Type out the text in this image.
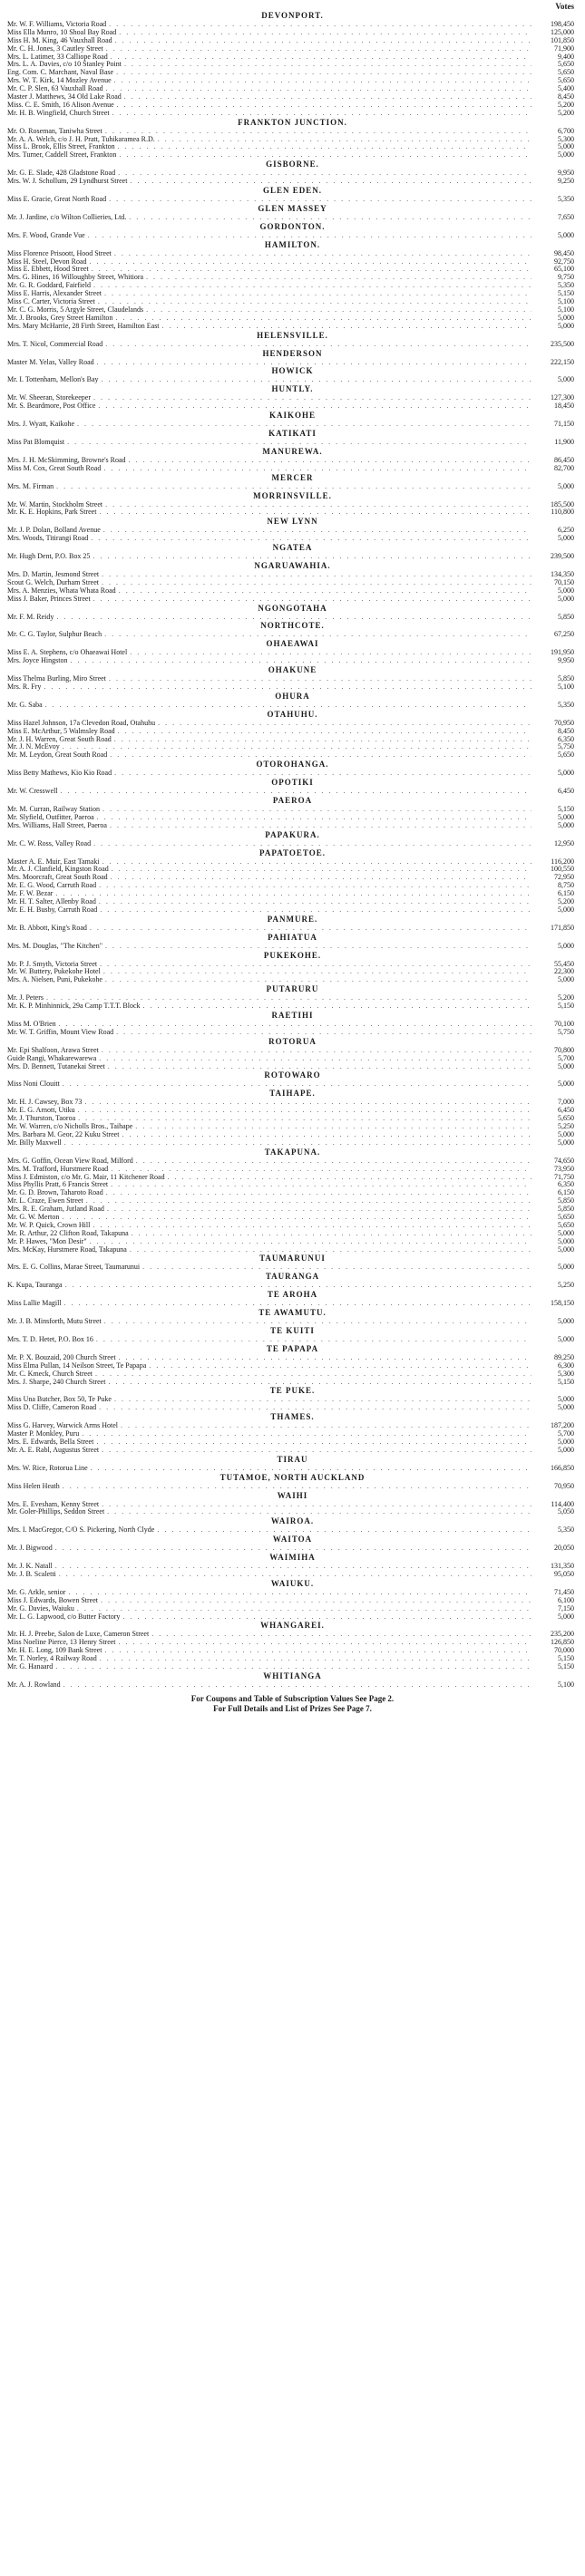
Votes
DEVONPORT.
Mr. W. F. Williams, Victoria Road . . .	198,450
Miss Ella Munro, 10 Shoal Bay Road . . .	125,000
Miss H. M. King, 46 Vauxhall Road . . .	101,850
Mr. C. H. Jones, 3 Cautley Street . . .	71,900
Mrs. L. Latimer, 33 Calliope Road . . .	9,400
Mrs. L. A. Davies, c/o 10 Stanley Point . . .	5,650
Eng. Com. C. Marchant, Naval Base . . .	5,650
Mrs. W. T. Kirk, 14 Mozley Avenue . . .	5,650
Mr. C. P. Slen, 63 Vauxhall Road . . .	5,400
Master J. Matthews, 34 Old Lake Road . . .	8,450
Miss. C. E. Smith, 16 Alison Avenue . . .	5,200
Mr. H. B. Wingfield, Church Street . . .	5,200
FRANKTON JUNCTION.
Mr. O. Roseman, Taniwha Street . . .	6,700
Mr. A. A. Welch, c/o J. H. Pratt, Tuhikaramea R.D. . . .	5,300
Miss L. Brook, Ellis Street, Frankton . . .	5,000
Mrs. Turner, Caddell Street, Frankton . . .	5,000
GISBORNE.
Mr. G. E. Slade, 428 Gladstone Road . . .	9,950
Mrs. W. J. Schollum, 29 Lyndhurst Street . . .	9,250
GLEN EDEN.
Miss E. Gracie, Great North Road . . .	5,350
GLEN MASSEY
Mr. J. Jardine, c/o Wilton Collieries, Ltd. . . .	7,650
GORDONTON.
Mrs. F. Wood, Grande Vue . . .	5,000
HAMILTON.
Miss Florence Prisoott, Hood Street . . .	98,450
Miss H. Steel, Devon Road . . .	92,750
Miss E. Ebbett, Hood Street . . .	65,100
Mrs. G. Hines, 16 Willoughby Street, Whitiora . . .	9,750
Mr. G. R. Goddard, Fairfield . . .	5,350
Miss E. Harris, Alexander Street . . .	5,150
Miss C. Carter, Victoria Street . . .	5,100
Mr. C. G. Morris, 5 Argyle Street, Claudelands . . .	5,100
Mr. J. Brooks, Grey Street Hamilton . . .	5,000
Mrs. Mary McHarrie, 28 Firth Street, Hamilton East . . .	5,000
HELENSVILLE.
Mrs. T. Nicol, Commercial Road . . .	235,500
HENDERSON
Master M. Yelas, Valley Road . . .	222,150
HOWICK
Mr. I. Tottenham, Mellon's Bay . . .	5,000
HUNTLY.
Mr. W. Sheeran, Storekeeper . . .	127,300
Mr. S. Beardmore, Post Office . . .	18,450
KAIKOHE
Mrs. J. Wyatt, Kaikohe . . .	71,150
KATIKATI
Miss Pat Blomquist . . .	11,900
MANUREWA.
Mrs. J. H. McSkimming, Browne's Road . . .	86,450
Miss M. Cox, Great South Road . . .	82,700
MERCER
Mrs. M. Firman . . .	5,000
MORRINSVILLE.
Mr. W. Martin, Stockholm Street . . .	185,500
Mr. K. E. Hopkins, Park Street . . .	110,800
NEW LYNN
Mr. J. P. Dolan, Bolland Avenue . . .	6,250
Mrs. Woods, Titirangi Road . . .	5,000
NGATEA
Mr. Hugh Dent, P.O. Box 25 . . .	239,500
NGARUAWAHIA.
Mrs. D. Martin, Jesmond Street . . .	134,350
Scout G. Welch, Durham Street . . .	70,150
Mrs. A. Menzies, Whata Whata Road . . .	5,000
Miss J. Baker, Princes Street . . .	5,000
NGONGOTAHA
Mr. F. M. Reidy . . .	5,850
NORTHCOTE.
Mr. C. G. Taylor, Sulphur Beach . . .	67,250
OHAEAWAI
Miss E. A. Stephens, c/o Ohaeawai Hotel . . .	191,950
Mrs. Joyce Hingston . . .	9,950
OHAKUNE
Miss Thelma Burling, Miro Street . . .	5,850
Mrs. R. Fry . . .	5,100
OHURA
Mr. G. Saba . . .	5,350
OTAHUHU.
Miss Hazel Johnson, 17a Clevedon Road, Otahuhu . . .	70,950
Miss E. McArthur, 5 Walmsley Road . . .	8,450
Mr. J. H. Warren, Great South Road . . .	6,350
Mr. J. N. McEvoy . . .	5,750
Mr. M. Leydon, Great South Road . . .	5,650
OTOROHANGA.
Miss Betty Mathews, Kio Kio Road . . .	5,000
OPOTIKI
Mr. W. Cresswell . . .	6,450
PAEROA
Mr. M. Curran, Railway Station . . .	5,150
Mr. Slyfield, Outfitter, Paeroa . . .	5,000
Mrs. Williams, Hall Street, Paeroa . . .	5,000
PAPAKURA.
Mr. C. W. Ross, Valley Road . . .	12,950
PAPATOETOE.
Master A. E. Muir, East Tamaki . . .	116,200
Mr. A. J. Clanfield, Kingston Road . . .	100,550
Mrs. Moorcraft, Great South Road . . .	72,950
Mr. E. G. Wood, Carruth Road . . .	8,750
Mr. F. W. Bezar . . .	6,150
Mr. H. T. Salter, Allenby Road . . .	5,200
Mr. E. H. Busby, Carruth Road . . .	5,000
PANMURE.
Mr. B. Abbott, King's Road . . .	171,850
PAHIATUA
Mrs. M. Douglas, "The Kitchen" . . .	5,000
PUKEKOHE.
Mr. P. J. Smyth, Victoria Street . . .	55,450
Mr. W. Buttery, Pukekohe Hotel . . .	22,300
Mrs. A. Nielsen, Puni, Pukekohe . . .	5,000
PUTARURU
Mr. J. Peters . . .	5,200
Mr. K. P. Minhinnick, 29a Camp T.T.T. Block . . .	5,150
RAETIHI
Miss M. O'Brien . . .	70,100
Mr. W. T. Griffin, Mount View Road . . .	5,750
ROTORUA
Mr. Epi Shalfoon, Arawa Street . . .	70,800
Guide Rangi, Whakarewarewa . . .	5,700
Mrs. D. Bennett, Tutanekai Street . . .	5,000
ROTOWARO
Miss Noni Clouitt . . .	5,000
TAIHAPE.
Mr. H. J. Cawsey, Box 73 . . .	7,000
Mr. E. G. Arnott, Utiku . . .	6,450
Mr. J. Thurston, Taoroa . . .	5,650
Mr. W. Warren, c/o Nicholls Bros., Taihape . . .	5,250
Mrs. Barbara M. Geor, 22 Kuku Street . . .	5,000
Mr. Billy Maxwell . . .	5,000
TAKAPUNA.
Mrs. G. Goffin, Ocean View Road, Milford . . .	74,650
Mrs. M. Trafford, Hurstmere Road . . .	73,950
Miss J. Edmiston, c/o Mr. G. Mair, 11 Kitchener Road . . .	71,750
Miss Phyllis Pratt, 6 Francis Street . . .	6,350
Mr. G. D. Brown, Taharoto Road . . .	6,150
Mr. L. Craze, Ewen Street . . .	5,850
Mrs. R. E. Graham, Jutland Road . . .	5,850
Mr. G. W. Merton . . .	5,650
Mr. W. P. Quick, Crown Hill . . .	5,650
Mr. R. Arthur, 22 Clifton Road, Takapuna . . .	5,000
Mr. P. Hawes, "Mon Desir" . . .	5,000
Mrs. McKay, Hurstmere Road, Takapuna . . .	5,000
TAUMARUNUI
Mrs. E. G. Collins, Marae Street, Taumarunui . . .	5,000
TAURANGA
K. Kupa, Tauranga . . .	5,250
TE AROHA
Miss Lallie Magill . . .	158,150
TE AWAMUTU.
Mr. J. B. Minsforth, Mutu Street . . .	5,000
TE KUITI
Mrs. T. D. Hetet, P.O. Box 16 . . .	5,000
TE PAPAPA
Mr. P. X. Bouzaid, 200 Church Street . . .	89,250
Miss Elma Pullan, 14 Neilson Street, Te Papapa . . .	6,300
Mr. C. Kmeck, Church Street . . .	5,300
Mrs. J. Sharpe, 240 Church Street . . .	5,150
TE PUKE.
Miss Una Butcher, Box 50, Te Puke . . .	5,000
Miss D. Cliffe, Cameron Road . . .	5,000
THAMES.
Miss G. Harvey, Warwick Arms Hotel . . .	187,200
Master P. Monkley, Puru . . .	5,700
Mrs. E. Edwards, Bella Street . . .	5,000
Mr. A. E. Rabl, Augustus Street . . .	5,000
TIRAU
Mrs. W. Rice, Rotorua Line . . .	166,850
TUTAMOE, NORTH AUCKLAND
Miss Helen Heath . . .	70,950
WAIHI
Mrs. E. Evesham, Kenny Street . . .	114,400
Mr. Goler-Phillips, Seddon Street . . .	5,050
WAIROA.
Mrs. I. MacGregor, C/O S. Pickering, North Clyde . . .	5,350
WAITOA
Mr. J. Bigwood . . .	20,050
WAIMIHA
Mr. J. K. Natall . . .	131,350
Mr. J. B. Scaletti . . .	95,050
WAIUKU.
Mr. G. Arkle, senior . . .	71,450
Miss J. Edwards, Bowen Street . . .	6,100
Mr. G. Davies, Waiuku . . .	7,150
Mr. L. G. Lapwood, c/o Butter Factory . . .	5,000
WHANGAREI.
Mr. H. J. Preebe, Salon de Luxe, Cameron Street . . .	235,200
Miss Noeline Pierce, 13 Henry Street . . .	126,850
Mr. H. E. Long, 109 Bank Street . . .	70,000
Mr. T. Norley, 4 Railway Road . . .	5,150
Mr. G. Hanaard . . .	5,150
WHITIANGA
Mr. A. J. Rowland . . .	5,100
For Coupons and Table of Subscription Values See Page 2.
For Full Details and List of Prizes See Page 7.
